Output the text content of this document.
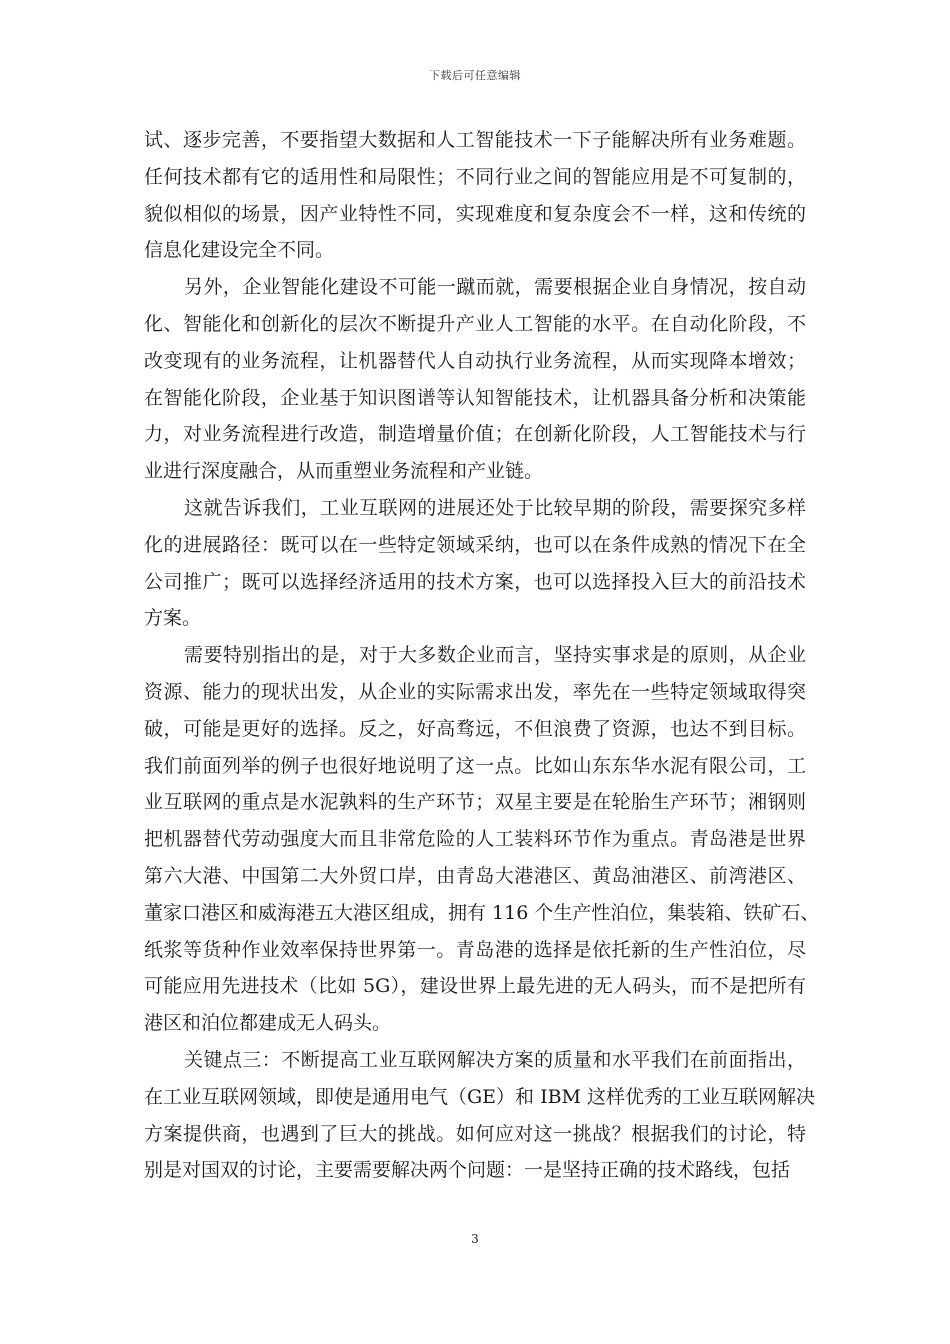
下载后可任意编辑
试、逐步完善，不要指望大数据和人工智能技术一下子能解决所有业务难题。
任何技术都有它的适用性和局限性；不同行业之间的智能应用是不可复制的，
貌似相似的场景，因产业特性不同，实现难度和复杂度会不一样，这和传统的
信息化建设完全不同。
另外，企业智能化建设不可能一蹴而就，需要根据企业自身情况，按自动
化、智能化和创新化的层次不断提升产业人工智能的水平。在自动化阶段，不
改变现有的业务流程，让机器替代人自动执行业务流程，从而实现降本增效；
在智能化阶段，企业基于知识图谱等认知智能技术，让机器具备分析和决策能
力，对业务流程进行改造，制造增量价值；在创新化阶段，人工智能技术与行
业进行深度融合，从而重塑业务流程和产业链。
这就告诉我们，工业互联网的进展还处于比较早期的阶段，需要探究多样
化的进展路径：既可以在一些特定领域采纳，也可以在条件成熟的情况下在全
公司推广；既可以选择经济适用的技术方案，也可以选择投入巨大的前沿技术
方案。
需要特别指出的是，对于大多数企业而言，坚持实事求是的原则，从企业
资源、能力的现状出发，从企业的实际需求出发，率先在一些特定领域取得突
破，可能是更好的选择。反之，好高骛远，不但浪费了资源，也达不到目标。
我们前面列举的例子也很好地说明了这一点。比如山东东华水泥有限公司，工
业互联网的重点是水泥孰料的生产环节；双星主要是在轮胎生产环节；湘钢则
把机器替代劳动强度大而且非常危险的人工装料环节作为重点。青岛港是世界
第六大港、中国第二大外贸口岸，由青岛大港港区、黄岛油港区、前湾港区、
董家口港区和威海港五大港区组成，拥有 116 个生产性泊位，集装箱、铁矿石、
纸浆等货种作业效率保持世界第一。青岛港的选择是依托新的生产性泊位，尽
可能应用先进技术（比如 5G），建设世界上最先进的无人码头，而不是把所有
港区和泊位都建成无人码头。
关键点三：不断提高工业互联网解决方案的质量和水平我们在前面指出，
在工业互联网领域，即使是通用电气（GE）和 IBM 这样优秀的工业互联网解决
方案提供商，也遇到了巨大的挑战。如何应对这一挑战？根据我们的讨论，特
别是对国双的讨论，主要需要解决两个问题：一是坚持正确的技术路线，包括
3
